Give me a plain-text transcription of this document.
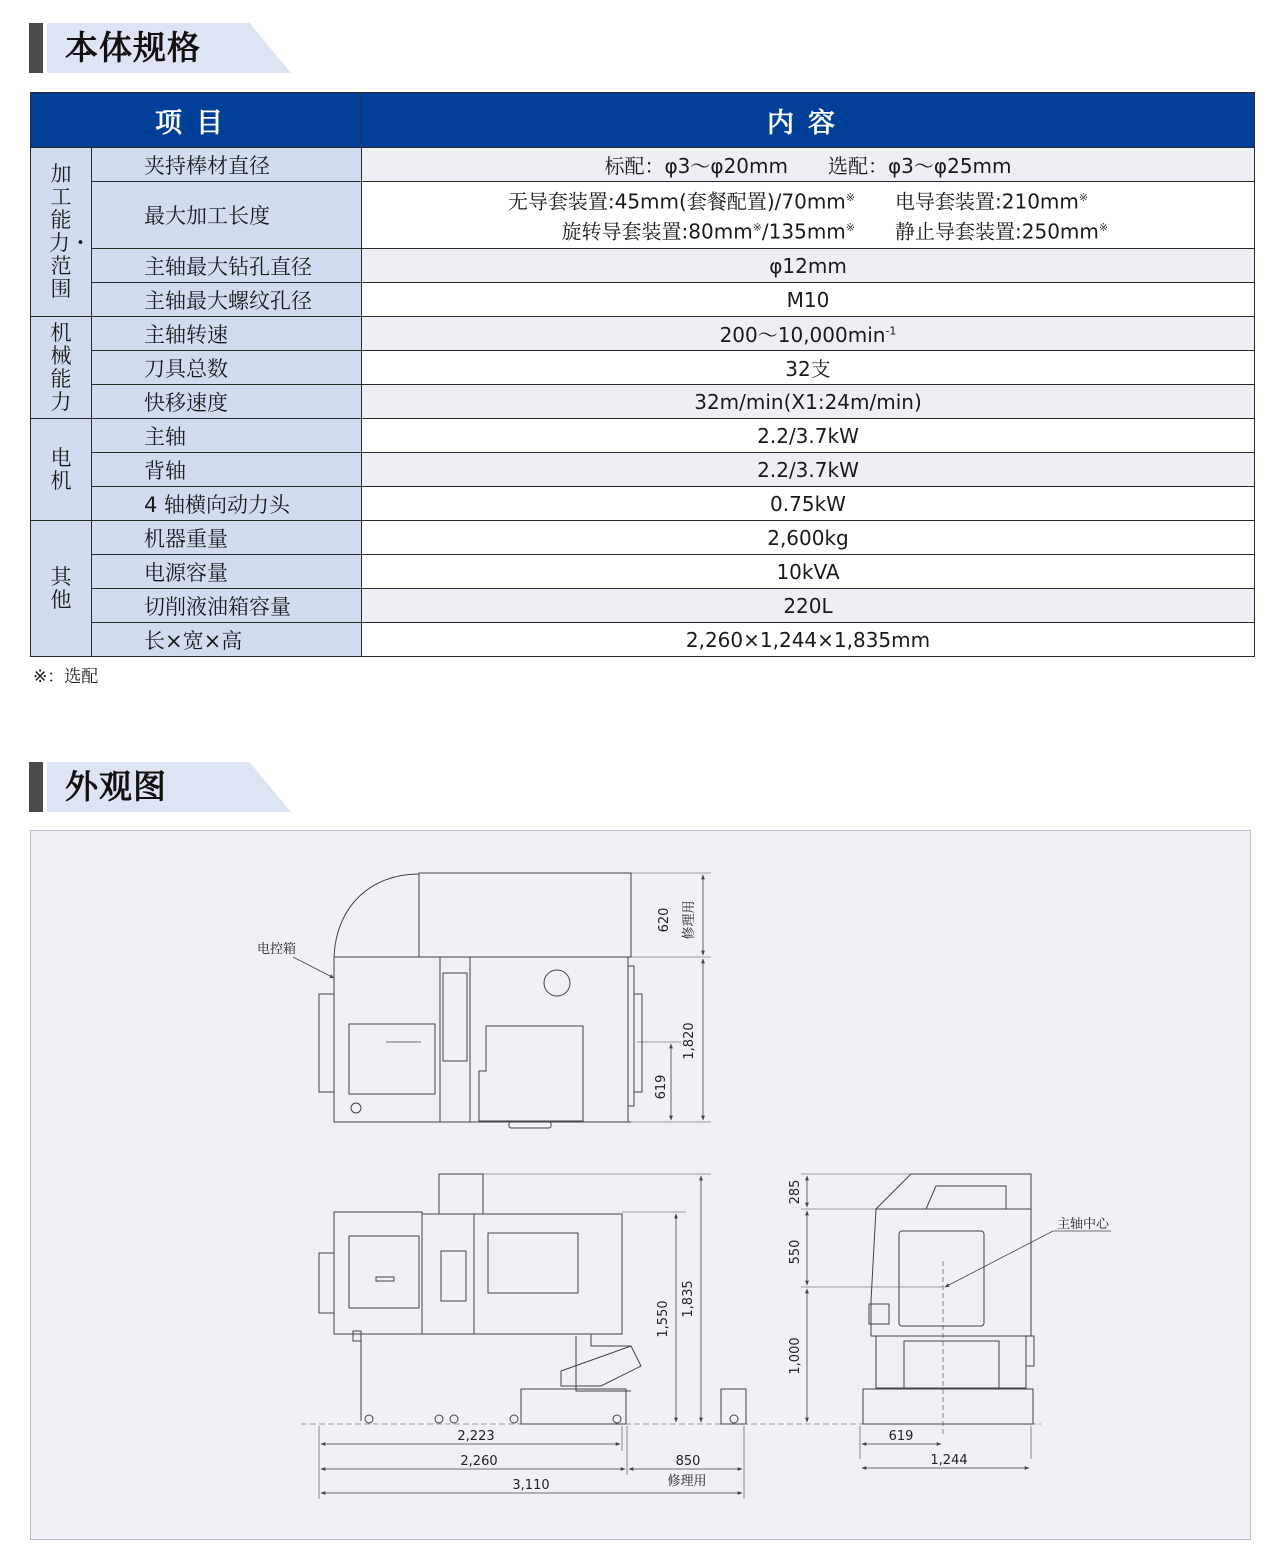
本体规格
项目		内容
加工能力・范围	夹持棒材直径	标配：φ3～φ20mm　　选配：φ3～φ25mm
	最大加工长度	无导套装置:45mm(套餐配置)/70mm※ 电导套装置:210mm※
旋转导套装置:80mm※/135mm※ 静止导套装置:250mm※

	主轴最大钻孔直径	φ12mm
	主轴最大螺纹孔径	M10
机械能力	主轴转速	$200\sim 10,000\min^{-1}$
	刀具总数	32支
	快移速度	32m/min(X1:24m/min)
电机	主轴	2.2/3.7kW
	背轴	2.2/3.7kW
	4 轴横向动力头	0.75kW
其他	机器重量	2,600kg
	电源容量	10kVA
	切削液油箱容量	220L
	长×宽×高	2,260×1,244×1,835mm
※：选配
外观图
620 修理用
1,820
619
电控箱
1,550
1,835
2,223
2,260	850
修理用
3,110
285
550
1,000
619
1,244
主轴中心
